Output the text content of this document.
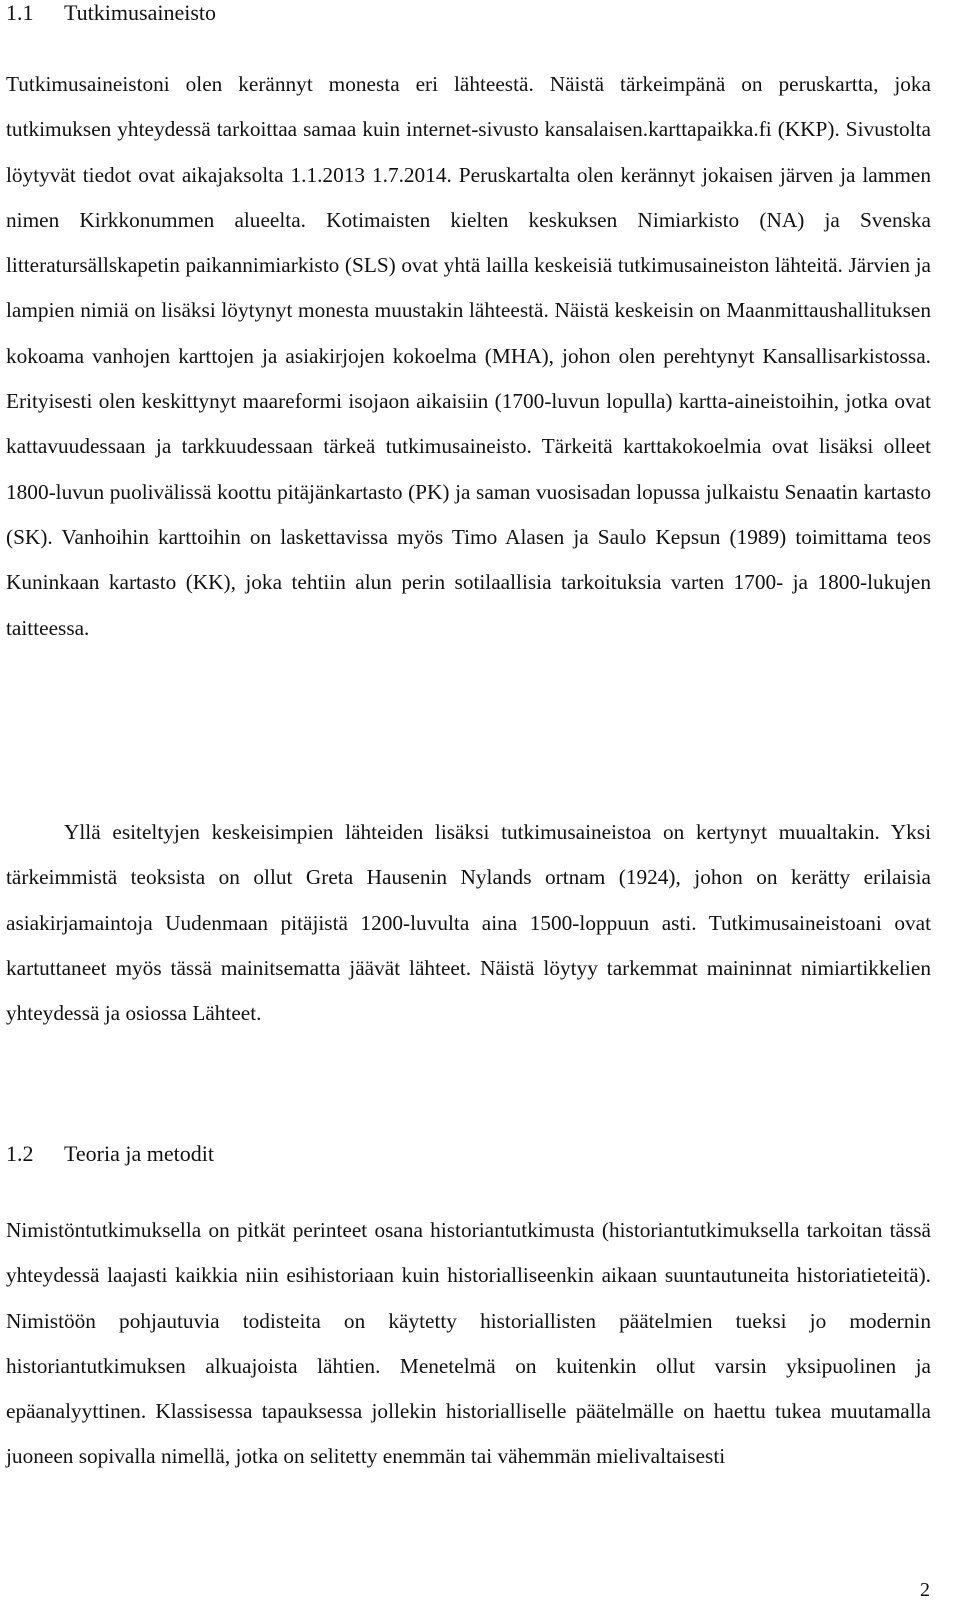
1.1 Tutkimusaineisto

Tutkimusaineistoni olen kerännyt monesta eri lähteestä. Näistä tärkeimpänä on peruskartta, joka tutkimuksen yhteydessä tarkoittaa samaa kuin internet-sivusto kansalaisen.karttapaikka.fi (KKP). Sivustolta löytyvät tiedot ovat aikajaksolta 1.1.2013 1.7.2014. Peruskartalta olen kerännyt jokaisen järven ja lammen nimen Kirkkonummen alueelta. Kotimaisten kielten keskuksen Nimiarkisto (NA) ja Svenska litteratursällskapetin paikannimiarkisto (SLS) ovat yhtä lailla keskeisiä tutkimusaineiston lähteitä. Järvien ja lampien nimiä on lisäksi löytynyt monesta muustakin lähteestä. Näistä keskeisin on Maanmittaushallituksen kokoama vanhojen karttojen ja asiakirjojen kokoelma (MHA), johon olen perehtynyt Kansallisarkistossa. Erityisesti olen keskittynyt maareformi isojaon aikaisiin (1700-luvun lopulla) kartta-aineistoihin, jotka ovat kattavuudessaan ja tarkkuudessaan tärkeä tutkimusaineisto. Tärkeitä karttakokoelmia ovat lisäksi olleet 1800-luvun puolivälissä koottu pitäjänkartasto (PK) ja saman vuosisadan lopussa julkaistu Senaatin kartasto (SK). Vanhoihin karttoihin on laskettavissa myös Timo Alasen ja Saulo Kepsun (1989) toimittama teos Kuninkaan kartasto (KK), joka tehtiin alun perin sotilaallisia tarkoituksia varten 1700- ja 1800-lukujen taitteessa.

Yllä esiteltyjen keskeisimpien lähteiden lisäksi tutkimusaineistoa on kertynyt muualtakin. Yksi tärkeimmistä teoksista on ollut Greta Hausenin Nylands ortnam (1924), johon on kerätty erilaisia asiakirjamaintoja Uudenmaan pitäjistä 1200-luvulta aina 1500-loppuun asti. Tutkimusaineistoani ovat kartuttaneet myös tässä mainitsematta jäävät lähteet. Näistä löytyy tarkemmat maininnat nimiartikkelien yhteydessä ja osiossa Lähteet.

1.2 Teoria ja metodit

Nimistöntutkimuksella on pitkät perinteet osana historiantutkimusta (historiantutkimuksella tarkoitan tässä yhteydessä laajasti kaikkia niin esihistoriaan kuin historialliseenkin aikaan suuntautuneita historiatieteitä). Nimistöön pohjautuvia todisteita on käytetty historiallisten päätelmien tueksi jo modernin historiantutkimuksen alkuajoista lähtien. Menetelmä on kuitenkin ollut varsin yksipuolinen ja epäanalyyttinen. Klassisessa tapauksessa jollekin historialliselle päätelmälle on haettu tukea muutamalla juoneen sopivalla nimellä, jotka on selitetty enemmän tai vähemmän mielivaltaisesti

2
